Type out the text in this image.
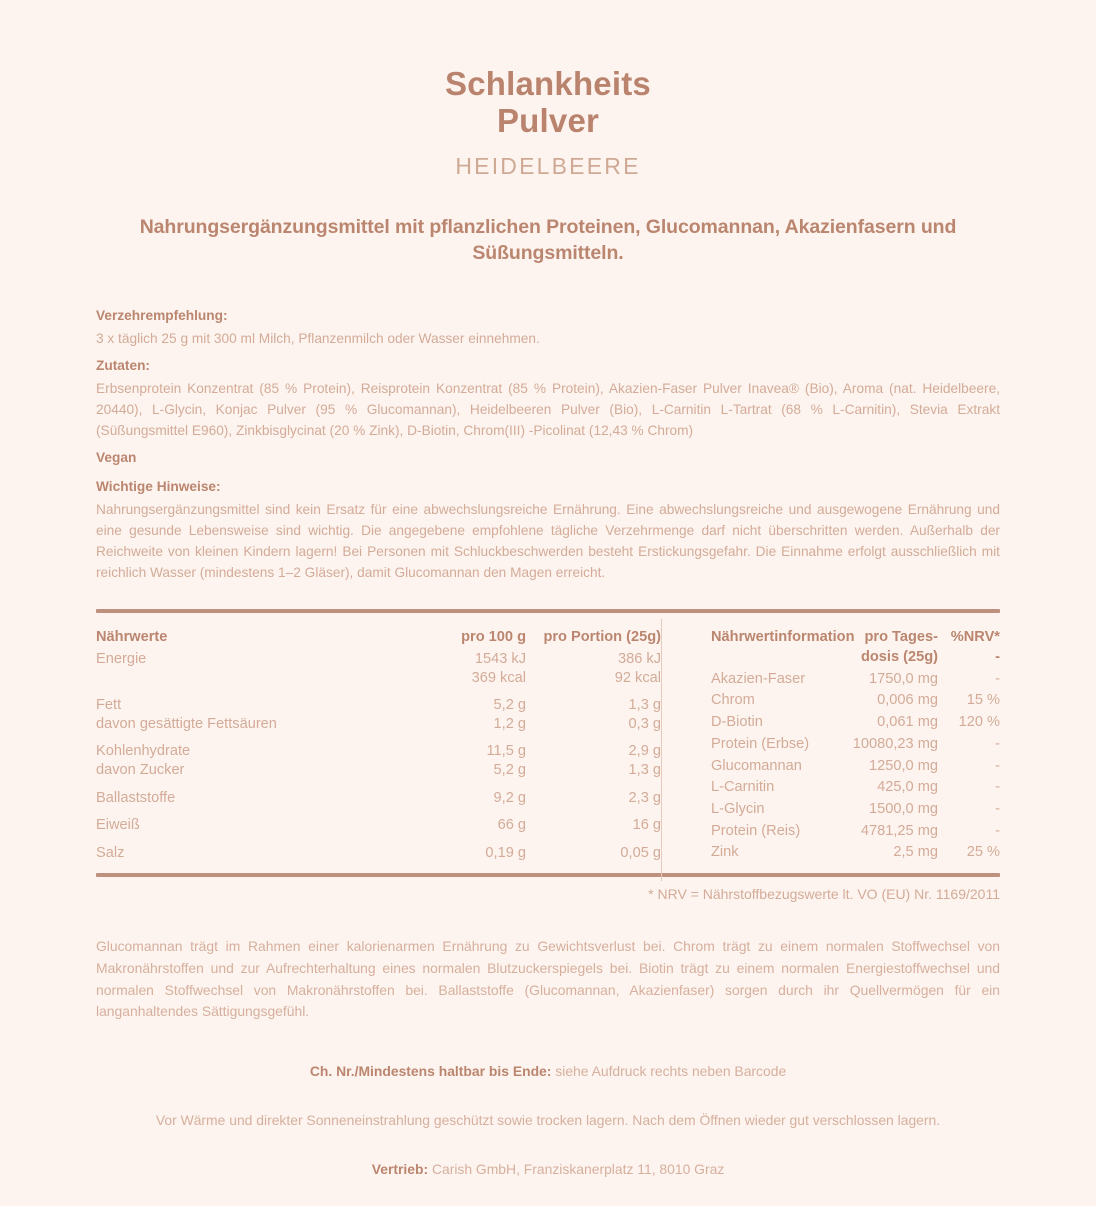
Schlankheits
Pulver
HEIDELBEERE
Nahrungsergänzungsmittel mit pflanzlichen Proteinen, Glucomannan, Akazienfasern und Süßungsmitteln.
Verzehrempfehlung:

3 x täglich 25 g mit 300 ml Milch, Pflanzenmilch oder Wasser einnehmen.

Zutaten:

Erbsenprotein Konzentrat (85 % Protein), Reisprotein Konzentrat (85 % Protein), Akazien-Faser Pulver Inavea® (Bio), Aroma (nat. Heidelbeere, 20440), L-Glycin, Konjac Pulver (95 % Glucomannan), Heidelbeeren Pulver (Bio), L-Carnitin L-Tartrat (68 % L-Carnitin), Stevia Extrakt (Süßungsmittel E960), Zinkbisglycinat (20 % Zink), D-Biotin, Chrom(III) -Picolinat (12,43 % Chrom)

Vegan
Wichtige Hinweise:

Nahrungsergänzungsmittel sind kein Ersatz für eine abwechslungsreiche Ernährung. Eine abwechslungsreiche und ausgewogene Ernährung und eine gesunde Lebensweise sind wichtig. Die angegebene empfohlene tägliche Verzehrmenge darf nicht überschritten werden. Außerhalb der Reichweite von kleinen Kindern lagern! Bei Personen mit Schluckbeschwerden besteht Erstickungsgefahr. Die Einnahme erfolgt ausschließlich mit reichlich Wasser (mindestens 1–2 Gläser), damit Glucomannan den Magen erreicht.

Nährwerte	pro 100 g	pro Portion (25g)
Energie	1543 kJ	386 kJ
	369 kcal	92 kcal
Fett	5,2 g	1,3 g
davon gesättigte Fettsäuren	1,2 g	0,3 g
Kohlenhydrate	11,5 g	2,9 g
davon Zucker	5,2 g	1,3 g
Ballaststoffe	9,2 g	2,3 g
Eiweiß	66 g	16 g
Salz	0,19 g	0,05 g
Nährwertinformation	pro Tages-	%NRV*
	dosis (25g)	-
Akazien-Faser	1750,0 mg	-
Chrom	0,006 mg	15 %
D-Biotin	0,061 mg	120 %
Protein (Erbse)	10080,23 mg	-
Glucomannan	1250,0 mg	-
L-Carnitin	425,0 mg	-
L-Glycin	1500,0 mg	-
Protein (Reis)	4781,25 mg	-
Zink	2,5 mg	25 %
* NRV = Nährstoffbezugswerte lt. VO (EU) Nr. 1169/2011

Glucomannan trägt im Rahmen einer kalorienarmen Ernährung zu Gewichtsverlust bei. Chrom trägt zu einem normalen Stoffwechsel von Makronährstoffen und zur Aufrechterhaltung eines normalen Blutzuckerspiegels bei. Biotin trägt zu einem normalen Energiestoffwechsel und normalen Stoffwechsel von Makronährstoffen bei. Ballaststoffe (Glucomannan, Akazienfaser) sorgen durch ihr Quellvermögen für ein langanhaltendes Sättigungsgefühl.

Ch. Nr./Mindestens haltbar bis Ende: siehe Aufdruck rechts neben Barcode
Vor Wärme und direkter Sonneneinstrahlung geschützt sowie trocken lagern. Nach dem Öffnen wieder gut verschlossen lagern.
Vertrieb: Carish GmbH, Franziskanerplatz 11, 8010 Graz
